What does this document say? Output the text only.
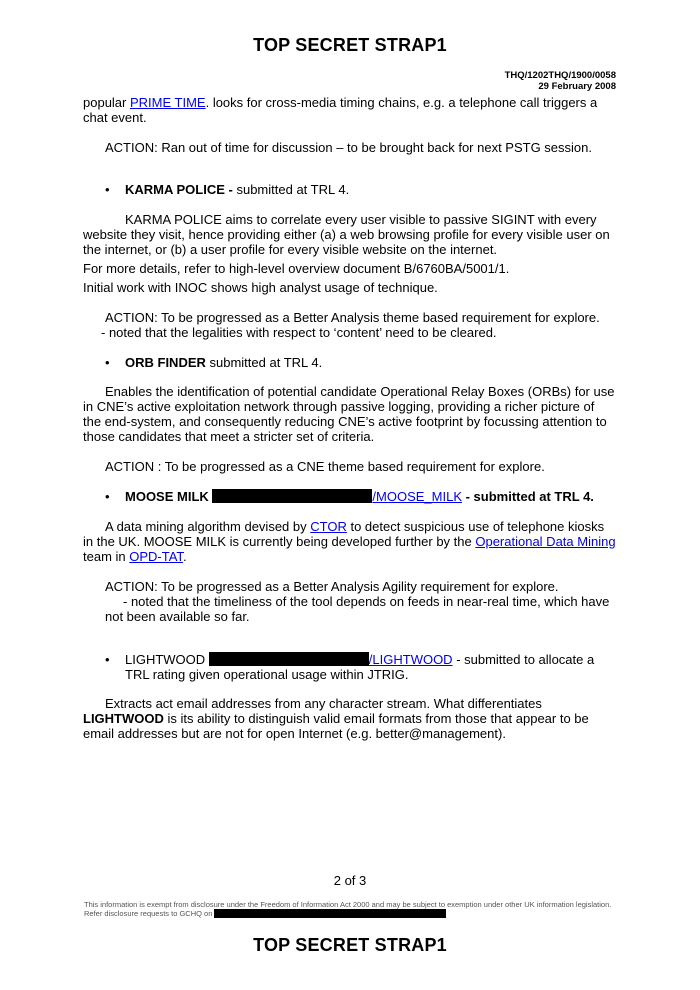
TOP SECRET STRAP1
THQ/1202THQ/1900/0058
29 February 2008

popular PRIME TIME. looks for cross-media timing chains, e.g. a telephone call triggers a chat event.

ACTION: Ran out of time for discussion – to be brought back for next PSTG session.

• KARMA POLICE - submitted at TRL 4.

KARMA POLICE aims to correlate every user visible to passive SIGINT with every website they visit, hence providing either (a) a web browsing profile for every visible user on the internet, or (b) a user profile for every visible website on the internet.

For more details, refer to high-level overview document B/6760BA/5001/1.

Initial work with INOC shows high analyst usage of technique.

ACTION: To be progressed as a Better Analysis theme based requirement for explore.

- noted that the legalities with respect to ‘content’ need to be cleared.

• ORB FINDER submitted at TRL 4.

Enables the identification of potential candidate Operational Relay Boxes (ORBs) for use in CNE’s active exploitation network through passive logging, providing a richer picture of the end-system, and consequently reducing CNE’s active footprint by focussing attention to those candidates that meet a stricter set of criteria.

ACTION : To be progressed as a CNE theme based requirement for explore.

• MOOSE MILK	/MOOSE_MILK - submitted at TRL 4.

A data mining algorithm devised by CTOR to detect suspicious use of telephone kiosks in the UK. MOOSE MILK is currently being developed further by the Operational Data Mining team in OPD-TAT.

ACTION: To be progressed as a Better Analysis Agility requirement for explore.

- noted that the timeliness of the tool depends on feeds in near-real time, which have not been available so far.

• LIGHTWOOD	/LIGHTWOOD - submitted to allocate a TRL rating given operational usage within JTRIG.

Extracts act email addresses from any character stream. What differentiates LIGHTWOOD is its ability to distinguish valid email formats from those that appear to be email addresses but are not for open Internet (e.g. better@management).

2 of 3
This information is exempt from disclosure under the Freedom of Information Act 2000 and may be subject to exemption under other UK information legislation. Refer disclosure requests to GCHQ on
TOP SECRET STRAP1
